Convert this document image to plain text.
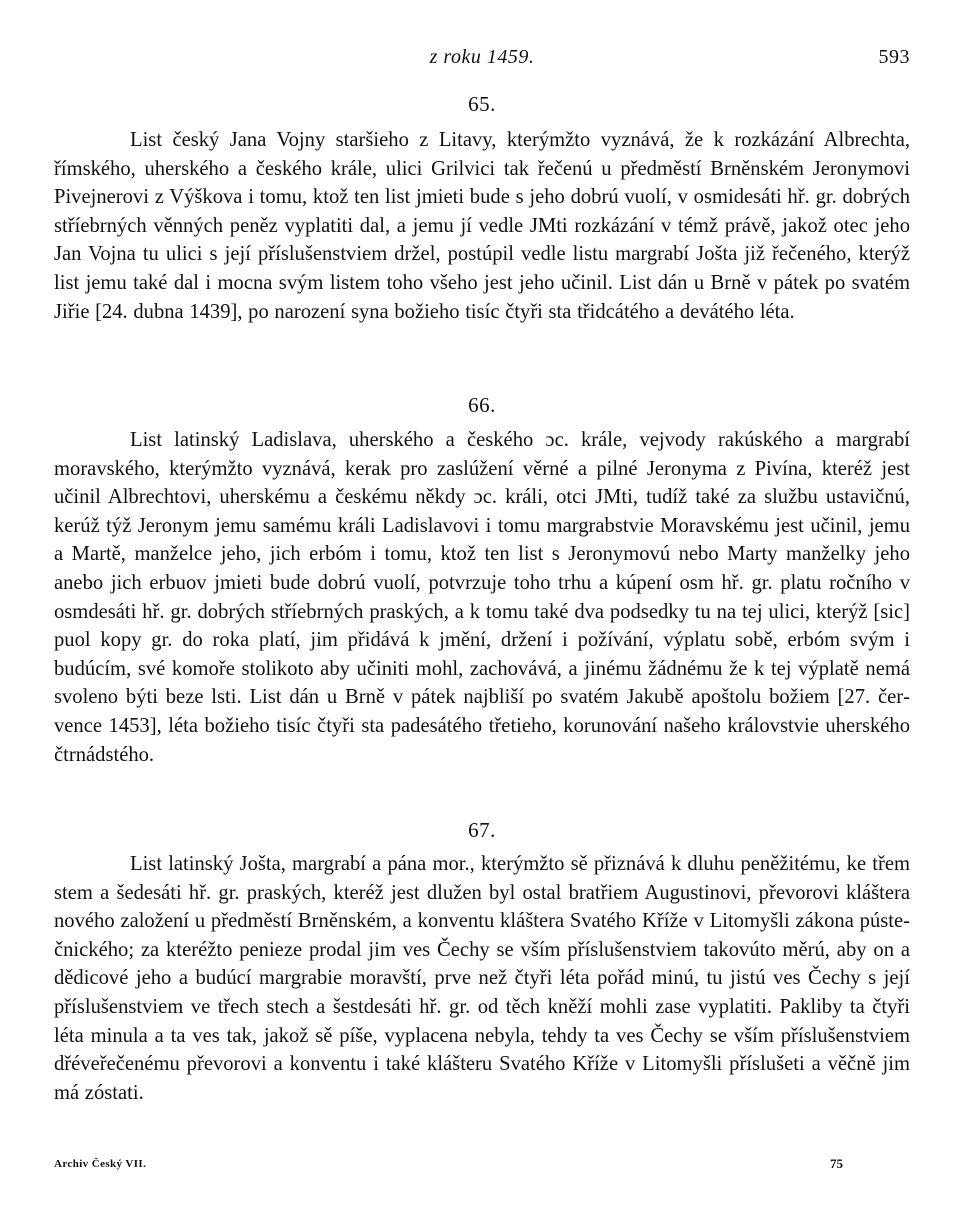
z roku 1459.	593
65.

List český Jana Vojny staršieho z Litavy, kterýmžto vyznává, že k rozkázání Albrechta, římského, uherského a českého krále, ulici Grilvici tak řečenú u předměstí Brněnském Jeronymovi Pivejnerovi z Výškova i tomu, ktož ten list jmieti bude s jeho dobrú vuolí, v osmidesáti hř. gr. dobrých stříebrných věnných peněz vyplatiti dal, a jemu jí vedle JMti rozkázání v témž právě, jakož otec jeho Jan Vojna tu ulici s její příslušenstviem držel, postúpil vedle listu margrabí Jošta již řečeného, kterýž list jemu také dal i mocna svým listem toho všeho jest jeho učinil. List dán u Brně v pátek po svatém Jiřie [24. dubna 1439], po narození syna božieho tisíc čtyři sta třidcátého a devátého léta.

66.

List latinský Ladislava, uherského a českého ɔc. krále, vejvody rakúského a margrabí moravského, kterýmžto vyznává, kerak pro zaslúžení věrné a pilné Jeronyma z Pivína, kteréž jest učinil Albrechtovi, uherskému a českému někdy ɔc. králi, otci JMti, tudíž také za službu ustavičnú, kerúž týž Jeronym jemu samému králi Ladislavovi i tomu margrabstvie Moravskému jest učinil, jemu a Martě, manželce jeho, jich erbóm i tomu, ktož ten list s Jeronymovú nebo Marty manželky jeho anebo jich erbuov jmieti bude dobrú vuolí, potvrzuje toho trhu a kúpení osm hř. gr. platu ročního v osmdesáti hř. gr. dobrých stříebrných praských, a k tomu také dva podsedky tu na tej ulici, kterýž [sic] puol kopy gr. do roka platí, jim přidává k jmění, držení i požívání, výplatu sobě, erbóm svým i budúcím, své komoře stolikoto aby učiniti mohl, zachovává, a jinému žádnému že k tej výplatě nemá svoleno býti beze lsti. List dán u Brně v pátek najbliší po svatém Jakubě apoštolu božiem [27. července 1453], léta božieho tisíc čtyři sta padesátého třetieho, korunování našeho královstvie uherského čtrnádstého.

67.

List latinský Jošta, margrabí a pána mor., kterýmžto sě přiznává k dluhu peněžitému, ke třem stem a šedesáti hř. gr. praských, kteréž jest dlužen byl ostal bratřiem Augustinovi, převorovi kláštera nového založení u předměstí Brněnském, a konventu kláštera Svatého Kříže v Litomyšli zákona pústečnického; za kteréžto penieze prodal jim ves Čechy se vším příslušenstviem takovúto měrú, aby on a dědicové jeho a budúcí margrabie moravští, prve než čtyři léta pořád minú, tu jistú ves Čechy s její příslušenstviem ve třech stech a šestdesáti hř. gr. od těch kněží mohli zase vyplatiti. Pakliby ta čtyři léta minula a ta ves tak, jakož sě píše, vyplacena nebyla, tehdy ta ves Čechy se vším příslušenstviem dřéveřečenému převorovi a konventu i také klášteru Svatého Kříže v Litomyšli příslušeti a věčně jim má zóstati.

Archiv Český VII.	75
